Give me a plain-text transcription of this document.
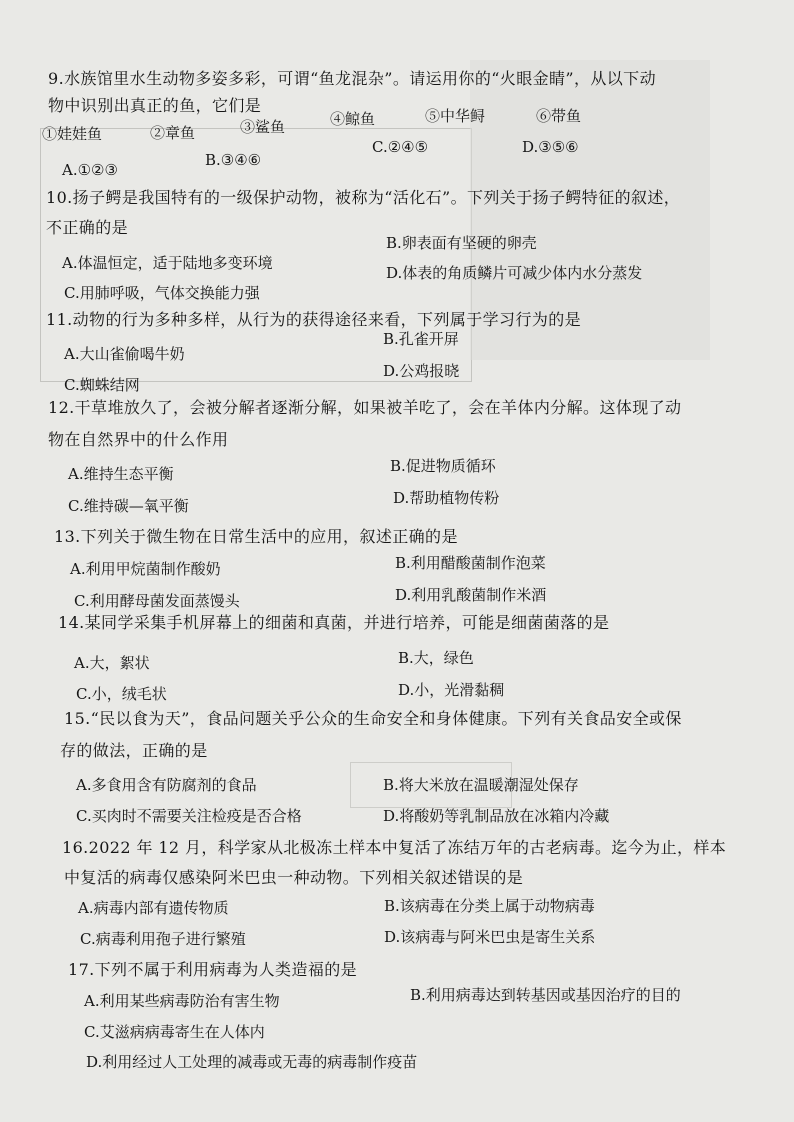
9.水族馆里水生动物多姿多彩，可谓“鱼龙混杂”。请运用你的“火眼金睛”，从以下动
物中识别出真正的鱼，它们是
①娃娃鱼	②章鱼	③鲨鱼	④鲸鱼	⑤中华鲟	⑥带鱼
A.①②③
B.③④⑥
C.②④⑤	D.③⑤⑥
10.扬子鳄是我国特有的一级保护动物，被称为“活化石”。下列关于扬子鳄特征的叙述，
不正确的是
A.体温恒定，适于陆地多变环境
B.卵表面有坚硬的卵壳
C.用肺呼吸，气体交换能力强
D.体表的角质鳞片可减少体内水分蒸发
11.动物的行为多种多样，从行为的获得途径来看，下列属于学习行为的是
A.大山雀偷喝牛奶
B.孔雀开屏
C.蜘蛛结网
D.公鸡报晓
12.干草堆放久了，会被分解者逐渐分解，如果被羊吃了，会在羊体内分解。这体现了动
物在自然界中的什么作用
A.维持生态平衡	B.促进物质循环
C.维持碳—氧平衡	D.帮助植物传粉
13.下列关于微生物在日常生活中的应用，叙述正确的是
A.利用甲烷菌制作酸奶	B.利用醋酸菌制作泡菜
C.利用酵母菌发面蒸馒头	D.利用乳酸菌制作米酒
14.某同学采集手机屏幕上的细菌和真菌，并进行培养，可能是细菌菌落的是
A.大，絮状	B.大，绿色
C.小，绒毛状	D.小，光滑黏稠
15.“民以食为天”，食品问题关乎公众的生命安全和身体健康。下列有关食品安全或保
存的做法，正确的是
A.多食用含有防腐剂的食品	B.将大米放在温暖潮湿处保存
C.买肉时不需要关注检疫是否合格	D.将酸奶等乳制品放在冰箱内冷藏
16.2022 年 12 月，科学家从北极冻土样本中复活了冻结万年的古老病毒。迄今为止，样本
中复活的病毒仅感染阿米巴虫一种动物。下列相关叙述错误的是
A.病毒内部有遗传物质	B.该病毒在分类上属于动物病毒
C.病毒利用孢子进行繁殖	D.该病毒与阿米巴虫是寄生关系
17.下列不属于利用病毒为人类造福的是
A.利用某些病毒防治有害生物	B.利用病毒达到转基因或基因治疗的目的
C.艾滋病病毒寄生在人体内
D.利用经过人工处理的减毒或无毒的病毒制作疫苗
